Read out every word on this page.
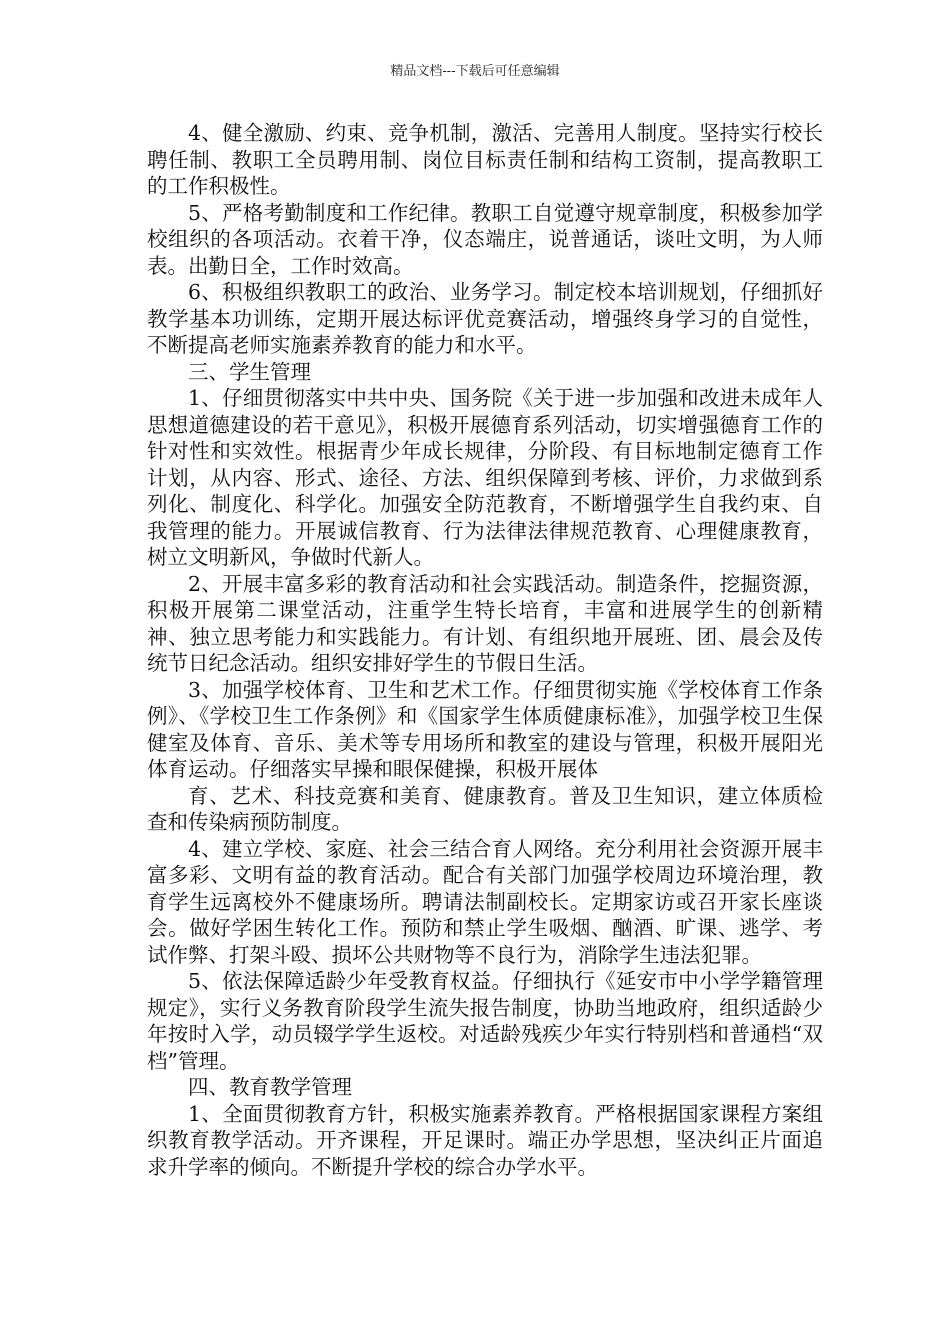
精品文档---下载后可任意编辑

4、健全激励、约束、竞争机制，激活、完善用人制度。坚持实行校长聘任制、教职工全员聘用制、岗位目标责任制和结构工资制，提高教职工的工作积极性。

5、严格考勤制度和工作纪律。教职工自觉遵守规章制度，积极参加学校组织的各项活动。衣着干净，仪态端庄，说普通话，谈吐文明，为人师表。出勤日全，工作时效高。

6、积极组织教职工的政治、业务学习。制定校本培训规划，仔细抓好教学基本功训练，定期开展达标评优竞赛活动，增强终身学习的自觉性，不断提高老师实施素养教育的能力和水平。

三、学生管理

1、仔细贯彻落实中共中央、国务院《关于进一步加强和改进未成年人思想道德建设的若干意见》，积极开展德育系列活动，切实增强德育工作的针对性和实效性。根据青少年成长规律，分阶段、有目标地制定德育工作计划，从内容、形式、途径、方法、组织保障到考核、评价，力求做到系列化、制度化、科学化。加强安全防范教育，不断增强学生自我约束、自我管理的能力。开展诚信教育、行为法律法律规范教育、心理健康教育，树立文明新风，争做时代新人。

2、开展丰富多彩的教育活动和社会实践活动。制造条件，挖掘资源，积极开展第二课堂活动，注重学生特长培育，丰富和进展学生的创新精神、独立思考能力和实践能力。有计划、有组织地开展班、团、晨会及传统节日纪念活动。组织安排好学生的节假日生活。

3、加强学校体育、卫生和艺术工作。仔细贯彻实施《学校体育工作条例》、《学校卫生工作条例》和《国家学生体质健康标准》，加强学校卫生保健室及体育、音乐、美术等专用场所和教室的建设与管理，积极开展阳光体育运动。仔细落实早操和眼保健操，积极开展体

育、艺术、科技竞赛和美育、健康教育。普及卫生知识，建立体质检查和传染病预防制度。

4、建立学校、家庭、社会三结合育人网络。充分利用社会资源开展丰富多彩、文明有益的教育活动。配合有关部门加强学校周边环境治理，教育学生远离校外不健康场所。聘请法制副校长。定期家访或召开家长座谈会。做好学困生转化工作。预防和禁止学生吸烟、酗酒、旷课、逃学、考试作弊、打架斗殴、损坏公共财物等不良行为，消除学生违法犯罪。

5、依法保障适龄少年受教育权益。仔细执行《延安市中小学学籍管理规定》，实行义务教育阶段学生流失报告制度，协助当地政府，组织适龄少年按时入学，动员辍学学生返校。对适龄残疾少年实行特别档和普通档“双档”管理。

四、教育教学管理

1、全面贯彻教育方针，积极实施素养教育。严格根据国家课程方案组织教育教学活动。开齐课程，开足课时。端正办学思想，坚决纠正片面追求升学率的倾向。不断提升学校的综合办学水平。
